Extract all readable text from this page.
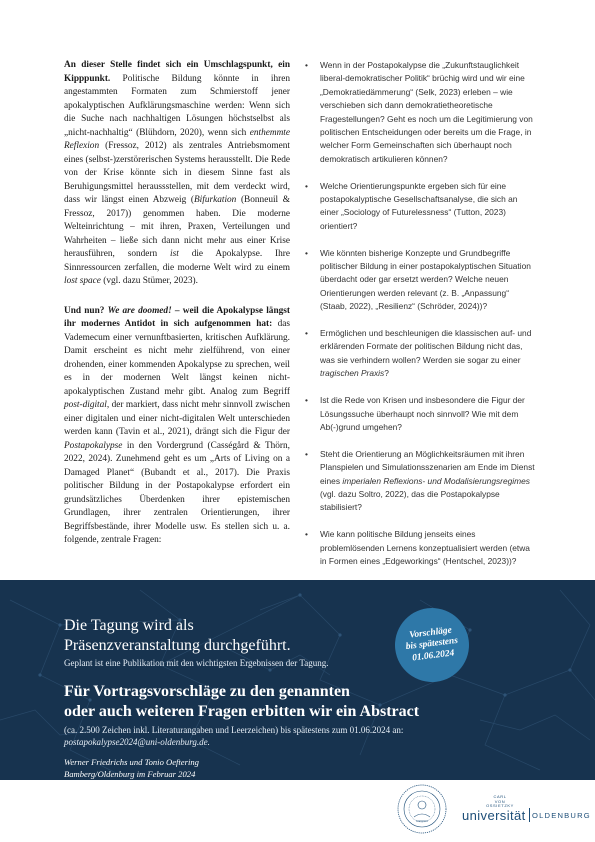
An dieser Stelle findet sich ein Umschlagspunkt, ein Kipppunkt. Politische Bildung könnte in ihren angestammten Formaten zum Schmierstoff jener apokalyptischen Aufklärungsmaschine werden: Wenn sich die Suche nach nachhaltigen Lösungen höchstselbst als „nicht-nachhaltig“ (Blühdorn, 2020), wenn sich enthemmte Reflexion (Fressoz, 2012) als zentrales Antriebsmoment eines (selbst-)zerstörerischen Systems herausstellt. Die Rede von der Krise könnte sich in diesem Sinne fast als Beruhigungsmittel heraussstellen, mit dem verdeckt wird, dass wir längst einen Abzweig (Bifurkation (Bonneuil & Fressoz, 2017)) genommen haben. Die moderne Welteinrichtung – mit ihren, Praxen, Verteilungen und Wahrheiten – ließe sich dann nicht mehr aus einer Krise herausführen, sondern ist die Apokalypse. Ihre Sinnressourcen zerfallen, die moderne Welt wird zu einem lost space (vgl. dazu Stümer, 2023).

Und nun? We are doomed! – weil die Apokalypse längst ihr modernes Antidot in sich aufgenommen hat: das Vademecum einer vernunftbasierten, kritischen Aufklärung. Damit erscheint es nicht mehr zielführend, von einer drohenden, einer kommenden Apokalypse zu sprechen, weil es in der modernen Welt längst keinen nicht-apokalyptischen Zustand mehr gibt. Analog zum Begriff post-digital, der markiert, dass nicht mehr sinnvoll zwischen einer digitalen und einer nicht-digitalen Welt unterschieden werden kann (Tavin et al., 2021), drängt sich die Figur der Postapokalypse in den Vordergrund (Casségård & Thörn, 2022, 2024). Zunehmend geht es um „Arts of Living on a Damaged Planet“ (Bubandt et al., 2017). Die Praxis politischer Bildung in der Postapokalypse erfordert ein grundsätzliches Überdenken ihrer epistemischen Grundlagen, ihrer zentralen Orientierungen, ihrer Begriffsbestände, ihrer Modelle usw. Es stellen sich u. a. folgende, zentrale Fragen:

• Wenn in der Postapokalypse die „Zukunftstauglichkeit liberal-demokratischer Politik“ brüchig wird und wir eine „Demokratiedämmerung“ (Selk, 2023) erleben – wie verschieben sich dann demokratietheoretische Fragestellungen? Geht es noch um die Legitimierung von politischen Entscheidungen oder bereits um die Frage, in welcher Form Gemeinschaften sich überhaupt noch demokratisch artikulieren können?
• Welche Orientierungspunkte ergeben sich für eine postapokalyptische Gesellschaftsanalyse, die sich an einer „Sociology of Futurelessness“ (Tutton, 2023) orientiert?
• Wie könnten bisherige Konzepte und Grundbegriffe politischer Bildung in einer postapokalyptischen Situation überdacht oder gar ersetzt werden? Welche neuen Orientierungen werden relevant (z. B. „Anpassung“ (Staab, 2022), „Resilienz“ (Schröder, 2024))?
• Ermöglichen und beschleunigen die klassischen auf- und erklärenden Formate der politischen Bildung nicht das, was sie verhindern wollen? Werden sie sogar zu einer tragischen Praxis?
• Ist die Rede von Krisen und insbesondere die Figur der Lösungssuche überhaupt noch sinnvoll? Wie mit dem Ab(-)grund umgehen?
• Steht die Orientierung an Möglichkeitsräumen mit ihren Planspielen und Simulationsszenarien am Ende im Dienst eines imperialen Reflexions- und Modalisierungsregimes (vgl. dazu Soltro, 2022), das die Postapokalypse stabilisiert?
• Wie kann politische Bildung jenseits eines problemlösenden Lernens konzeptualisiert werden (etwa in Formen eines „Edgeworkings“ (Hentschel, 2023))?
Die Tagung wird als
Präsenzveranstaltung durchgeführt.
Geplant ist eine Publikation mit den wichtigsten Ergebnissen der Tagung.
Für Vortragsvorschläge zu den genannten
oder auch weiteren Fragen erbitten wir ein Abstract
(ca. 2.500 Zeichen inkl. Literaturangaben und Leerzeichen) bis spätestens zum 01.06.2024 an:
postapokalypse2024@uni-oldenburg.de.
Vorschläge
bis spätestens
01.06.2024
Werner Friedrichs und Tonio Oeftering
Bamberg/Oldenburg im Februar 2024
CARL
VON
OSSIETZKY
universität OLDENBURG
